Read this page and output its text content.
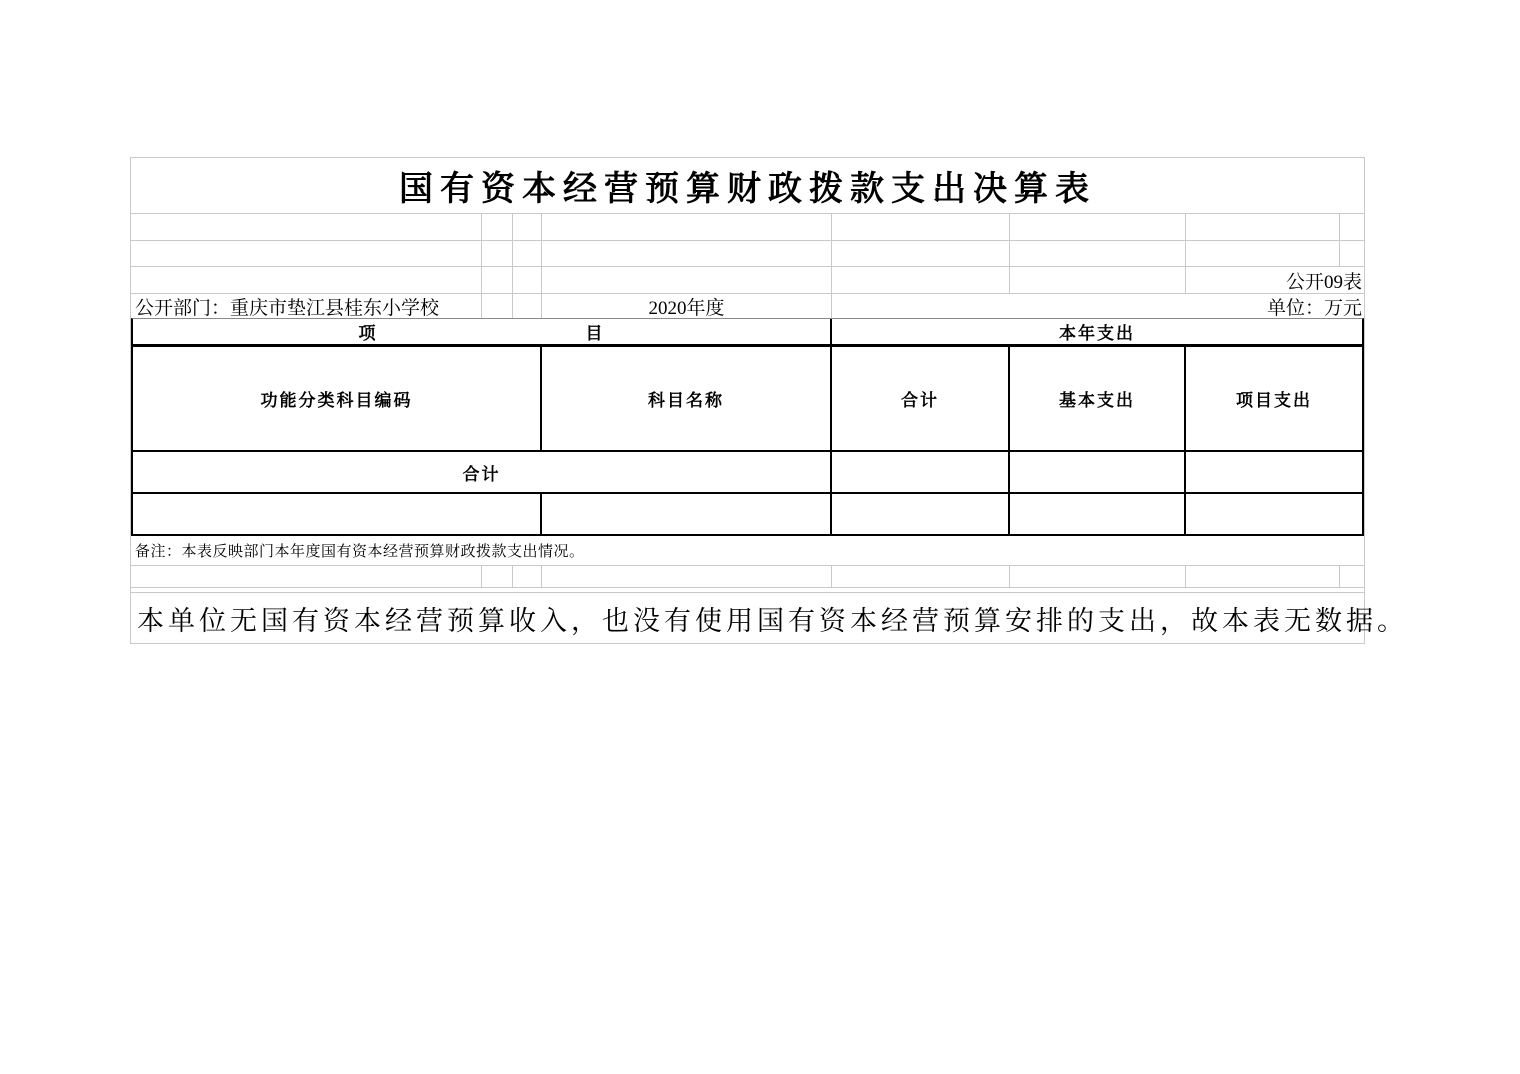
国有资本经营预算财政拨款支出决算表
公开09表
公开部门：重庆市垫江县桂东小学校	2020年度	单位：万元
项	目	本年支出
功能分类科目编码	科目名称	合计	基本支出	项目支出
合计
备注：本表反映部门本年度国有资本经营预算财政拨款支出情况。
本单位无国有资本经营预算收入，也没有使用国有资本经营预算安排的支出，故本表无数据。
